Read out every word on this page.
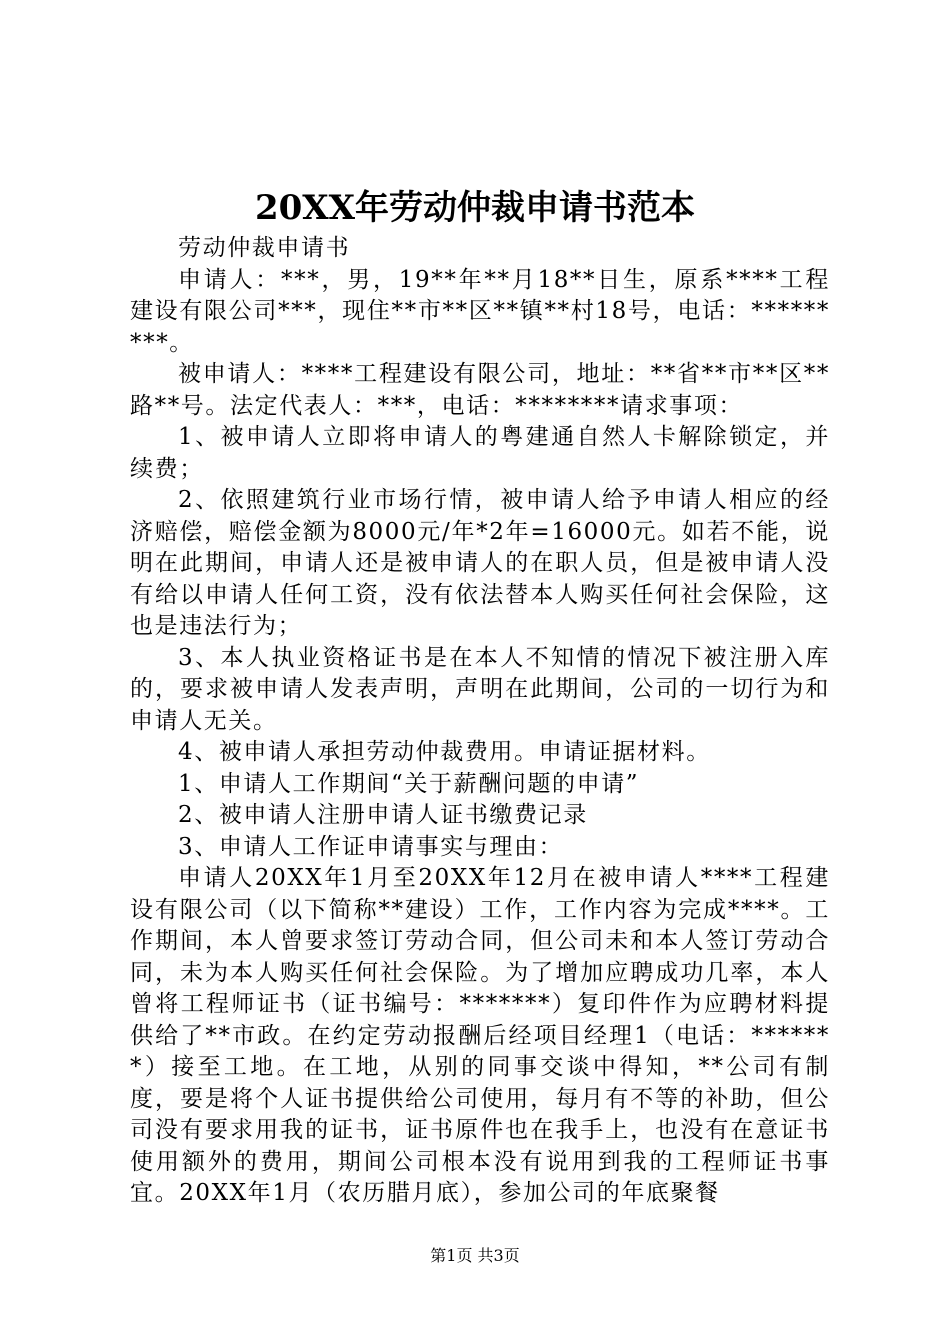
20XX年劳动仲裁申请书范本

劳动仲裁申请书

申请人：***，男，19**年**月18**日生，原系****工程建设有限公司***，现住**市**区**镇**村18号，电话：*********。

被申请人：****工程建设有限公司，地址：**省**市**区**路**号。法定代表人：***，电话：********请求事项：

1、被申请人立即将申请人的粤建通自然人卡解除锁定，并续费；

2、依照建筑行业市场行情，被申请人给予申请人相应的经济赔偿，赔偿金额为8000元/年*2年=16000元。如若不能，说明在此期间，申请人还是被申请人的在职人员，但是被申请人没有给以申请人任何工资，没有依法替本人购买任何社会保险，这也是违法行为；

3、本人执业资格证书是在本人不知情的情况下被注册入库的，要求被申请人发表声明，声明在此期间，公司的一切行为和申请人无关。

4、被申请人承担劳动仲裁费用。申请证据材料。

1、申请人工作期间“关于薪酬问题的申请”

2、被申请人注册申请人证书缴费记录

3、申请人工作证申请事实与理由：

申请人20XX年1月至20XX年12月在被申请人****工程建设有限公司（以下简称**建设）工作，工作内容为完成****。工作期间，本人曾要求签订劳动合同，但公司未和本人签订劳动合同，未为本人购买任何社会保险。为了增加应聘成功几率，本人曾将工程师证书（证书编号：*******）复印件作为应聘材料提供给了**市政。在约定劳动报酬后经项目经理1（电话：*******）接至工地。在工地，从别的同事交谈中得知，**公司有制度，要是将个人证书提供给公司使用，每月有不等的补助，但公司没有要求用我的证书，证书原件也在我手上，也没有在意证书使用额外的费用，期间公司根本没有说用到我的工程师证书事宜。20XX年1月（农历腊月底），参加公司的年底聚餐

第1页 共3页
